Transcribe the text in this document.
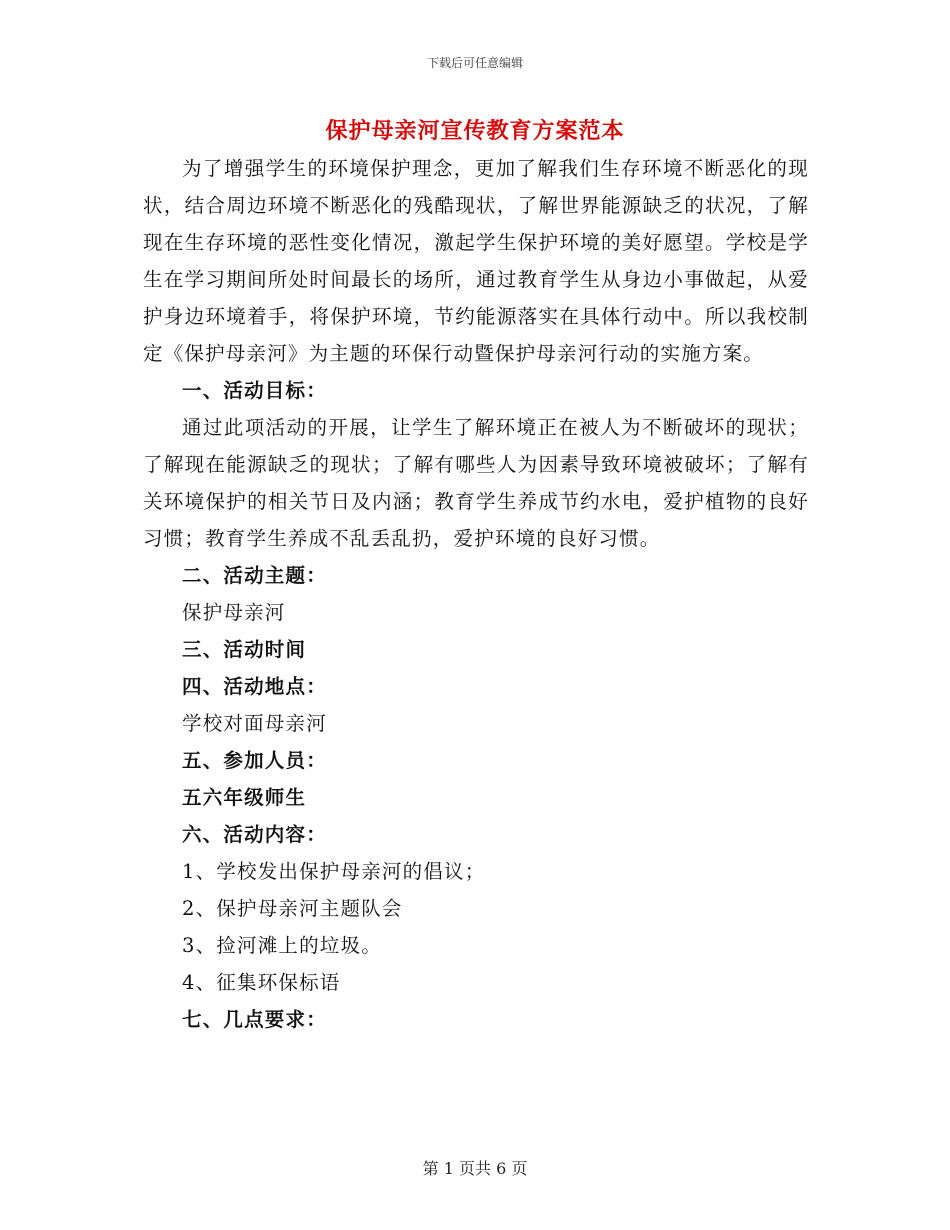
下载后可任意编辑
保护母亲河宣传教育方案范本

为了增强学生的环境保护理念，更加了解我们生存环境不断恶化的现状，结合周边环境不断恶化的残酷现状，了解世界能源缺乏的状况，了解现在生存环境的恶性变化情况，激起学生保护环境的美好愿望。学校是学生在学习期间所处时间最长的场所，通过教育学生从身边小事做起，从爱护身边环境着手，将保护环境，节约能源落实在具体行动中。所以我校制定《保护母亲河》为主题的环保行动暨保护母亲河行动的实施方案。

一、活动目标：

通过此项活动的开展，让学生了解环境正在被人为不断破坏的现状；了解现在能源缺乏的现状；了解有哪些人为因素导致环境被破坏；了解有关环境保护的相关节日及内涵；教育学生养成节约水电，爱护植物的良好习惯；教育学生养成不乱丢乱扔，爱护环境的良好习惯。

二、活动主题：

保护母亲河

三、活动时间

四、活动地点：

学校对面母亲河

五、参加人员：

五六年级师生

六、活动内容：

1、学校发出保护母亲河的倡议；

2、保护母亲河主题队会

3、捡河滩上的垃圾。

4、征集环保标语

七、几点要求：

第 1 页共 6 页
